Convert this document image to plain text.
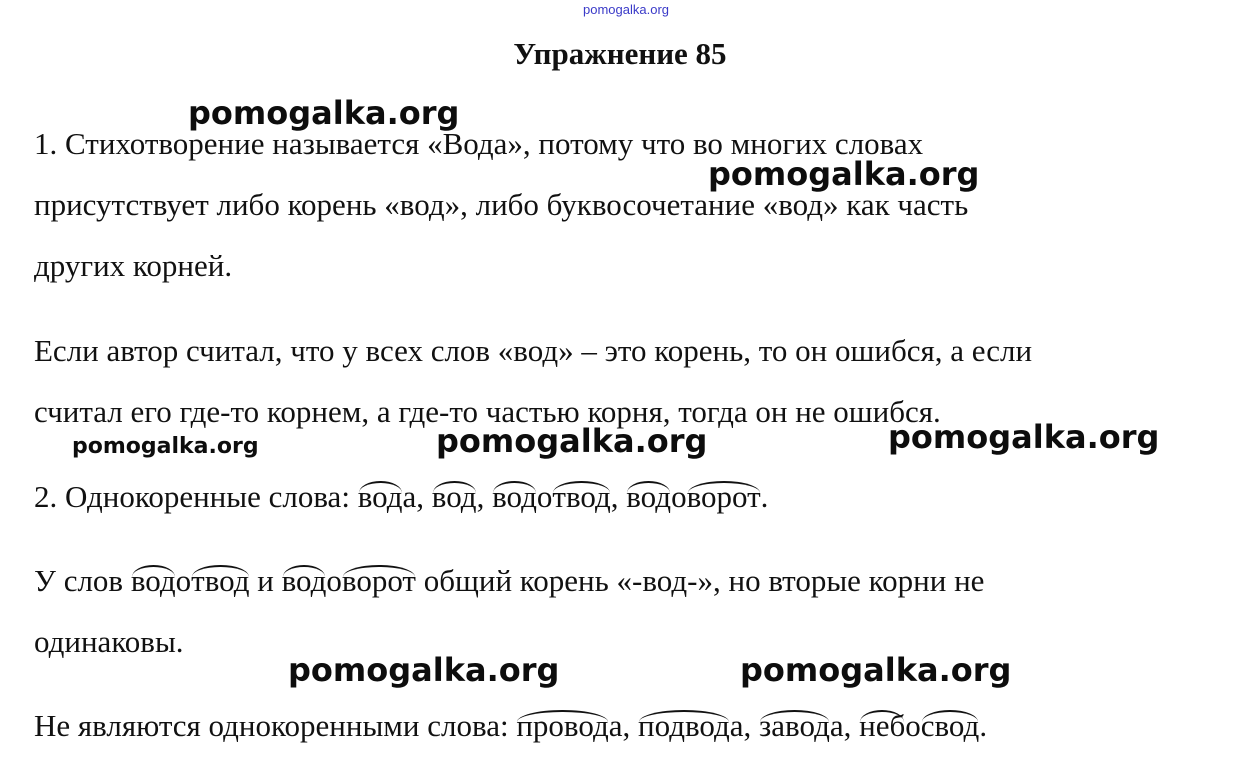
pomogalka.org
Упражнение 85
1. Стихотворение называется «Вода», потому что во многих словах
присутствует либо корень «вод», либо буквосочетание «вод» как часть
других корней.
Если автор считал, что у всех слов «вод» – это корень, то он ошибся, а если
считал его где-то корнем, а где-то частью корня, тогда он не ошибся.
2. Однокоренные слова:
вода,
вод,
водо
твод,
водо
ворот.
У слов
водо
твод и
водо
ворот общий корень «-вод-», но вторые корни не
одинаковы.
Не являются однокоренными слова:
провода,
подвода,
завода,
небо
свод.
pomogalka.org
pomogalka.org
pomogalka.org	pomogalka.org	pomogalka.org
pomogalka.org	pomogalka.org
